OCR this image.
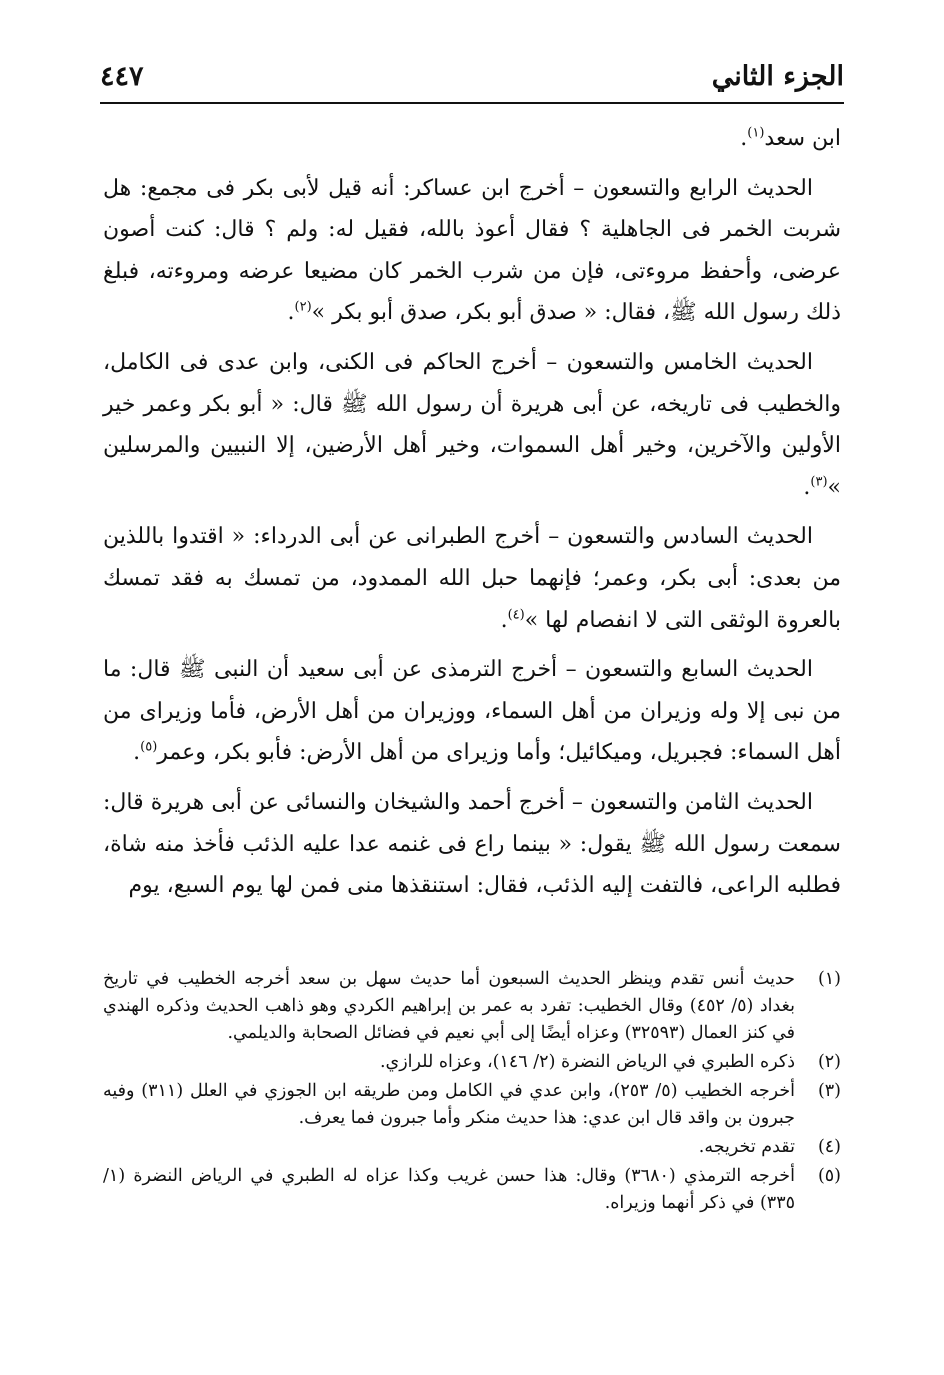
الجزء الثاني
٤٤٧

ابن سعد$^{(١)}$.

الحديث الرابع والتسعون – أخرج ابن عساكر: أنه قيل لأبى بكر فى مجمع: هل شربت الخمر فى الجاهلية ؟ فقال أعوذ بالله، فقيل له: ولم ؟ قال: كنت أصون عرضى، وأحفظ مروءتى، فإن من شرب الخمر كان مضيعا عرضه ومروءته، فبلغ ذلك رسول الله ﷺ، فقال: « صدق أبو بكر، صدق أبو بكر »$^{(٢)}$.

الحديث الخامس والتسعون – أخرج الحاكم فى الكنى، وابن عدى فى الكامل، والخطيب فى تاريخه، عن أبى هريرة أن رسول الله ﷺ قال: « أبو بكر وعمر خير الأولين والآخرين، وخير أهل السموات، وخير أهل الأرضين، إلا النبيين والمرسلين »$^{(٣)}$.

الحديث السادس والتسعون – أخرج الطبرانى عن أبى الدرداء: « اقتدوا باللذين من بعدى: أبى بكر، وعمر؛ فإنهما حبل الله الممدود، من تمسك به فقد تمسك بالعروة الوثقى التى لا انفصام لها »$^{(٤)}$.

الحديث السابع والتسعون – أخرج الترمذى عن أبى سعيد أن النبى ﷺ قال: ما من نبى إلا وله وزيران من أهل السماء، ووزيران من أهل الأرض، فأما وزيراى من أهل السماء: فجبريل، وميكائيل؛ وأما وزيراى من أهل الأرض: فأبو بكر، وعمر$^{(٥)}$.

الحديث الثامن والتسعون – أخرج أحمد والشيخان والنسائى عن أبى هريرة قال: سمعت رسول الله ﷺ يقول: « بينما راع فى غنمه عدا عليه الذئب فأخذ منه شاة، فطلبه الراعى، فالتفت إليه الذئب، فقال: استنقذها منى فمن لها يوم السبع، يوم

(١)
حديث أنس تقدم وينظر الحديث السبعون أما حديث سهل بن سعد أخرجه الخطيب في تاريخ بغداد (٥/ ٤٥٢) وقال الخطيب: تفرد به عمر بن إبراهيم الكردي وهو ذاهب الحديث وذكره الهندي في كنز العمال (٣٢٥٩٣) وعزاه أيضًا إلى أبي نعيم في فضائل الصحابة والديلمي.
(٢)
ذكره الطبري في الرياض النضرة (٢/ ١٤٦)، وعزاه للرازي.
(٣)
أخرجه الخطيب (٥/ ٢٥٣)، وابن عدي في الكامل ومن طريقه ابن الجوزي في العلل (٣١١) وفيه جبرون بن واقد قال ابن عدي: هذا حديث منكر وأما جبرون فما يعرف.
(٤)
تقدم تخريجه.
(٥)
أخرجه الترمذي (٣٦٨٠) وقال: هذا حسن غريب وكذا عزاه له الطبري في الرياض النضرة (١/ ٣٣٥) في ذكر أنهما وزيراه.
